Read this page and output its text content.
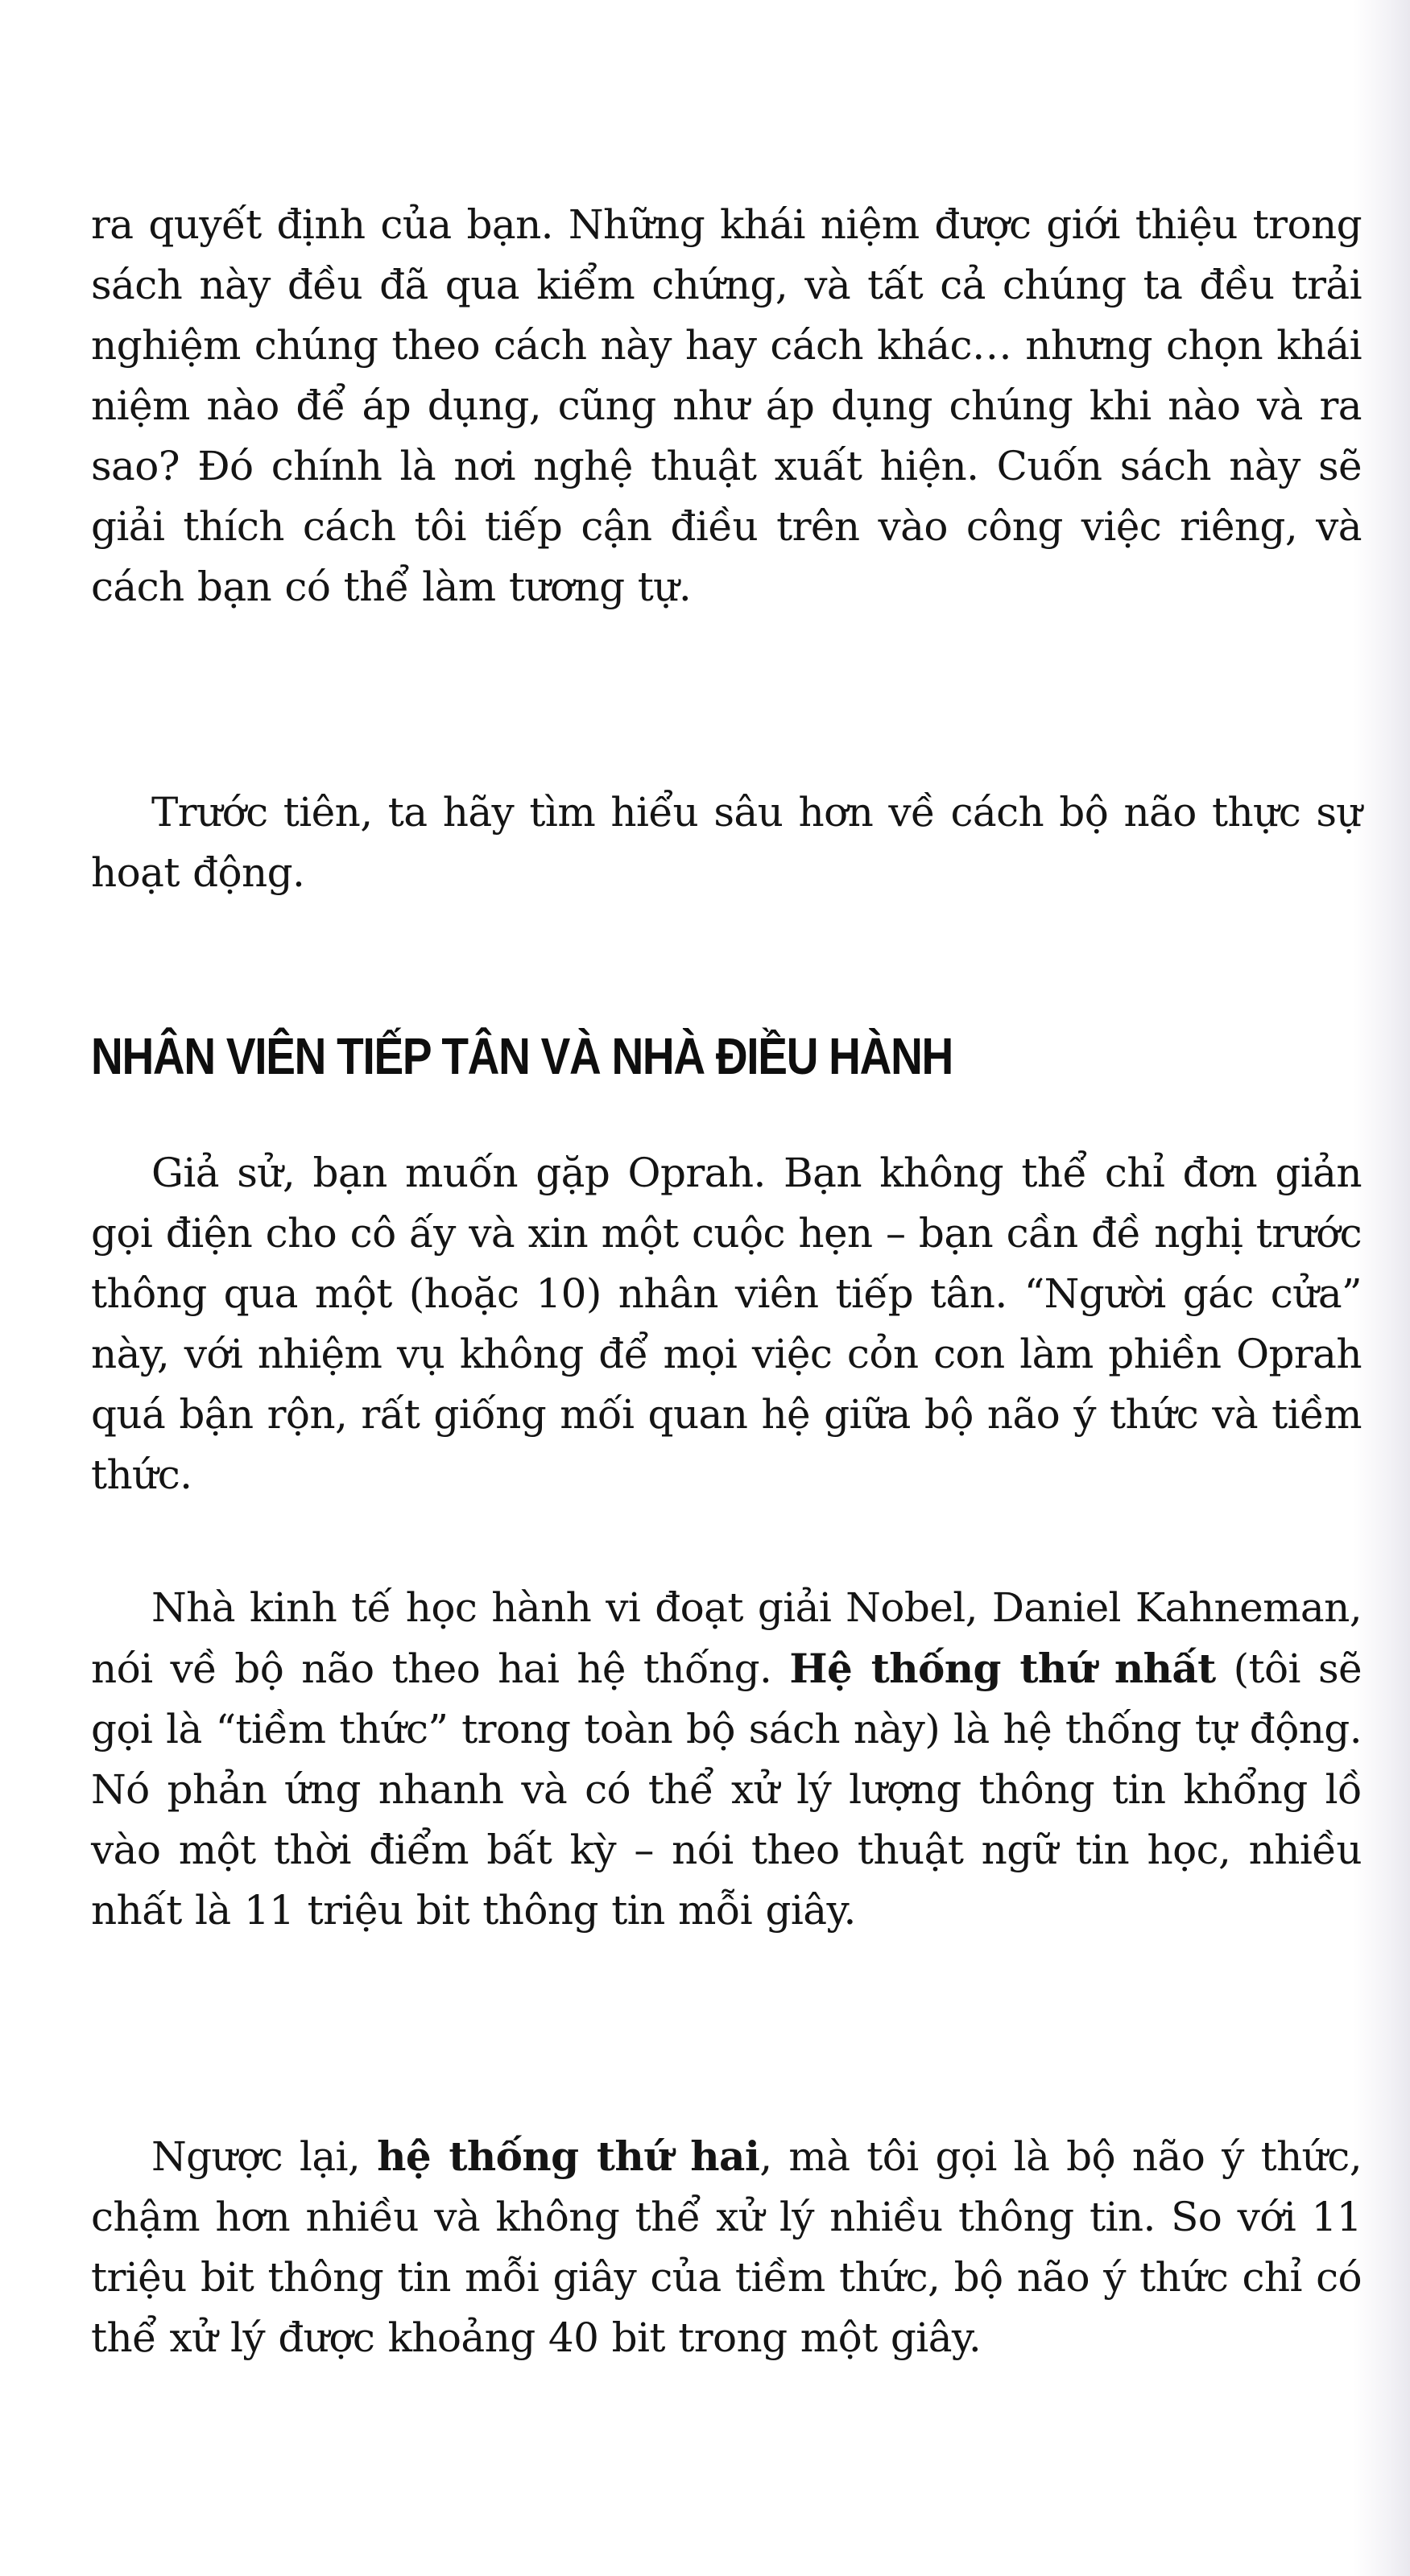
ra quyết định của bạn. Những khái niệm được giới thiệu trong sách này đều đã qua kiểm chứng, và tất cả chúng ta đều trải nghiệm chúng theo cách này hay cách khác… nhưng chọn khái niệm nào để áp dụng, cũng như áp dụng chúng khi nào và ra sao? Đó chính là nơi nghệ thuật xuất hiện. Cuốn sách này sẽ giải thích cách tôi tiếp cận điều trên vào công việc riêng, và cách bạn có thể làm tương tự.

Trước tiên, ta hãy tìm hiểu sâu hơn về cách bộ não thực sự hoạt động.

NHÂN VIÊN TIẾP TÂN VÀ NHÀ ĐIỀU HÀNH

Giả sử, bạn muốn gặp Oprah. Bạn không thể chỉ đơn giản gọi điện cho cô ấy và xin một cuộc hẹn – bạn cần đề nghị trước thông qua một (hoặc 10) nhân viên tiếp tân. “Người gác cửa” này, với nhiệm vụ không để mọi việc cỏn con làm phiền Oprah quá bận rộn, rất giống mối quan hệ giữa bộ não ý thức và tiềm thức.

Nhà kinh tế học hành vi đoạt giải Nobel, Daniel Kahneman, nói về bộ não theo hai hệ thống. Hệ thống thứ nhất (tôi sẽ gọi là “tiềm thức” trong toàn bộ sách này) là hệ thống tự động. Nó phản ứng nhanh và có thể xử lý lượng thông tin khổng lồ vào một thời điểm bất kỳ – nói theo thuật ngữ tin học, nhiều nhất là 11 triệu bit thông tin mỗi giây.

Ngược lại, hệ thống thứ hai, mà tôi gọi là bộ não ý thức, chậm hơn nhiều và không thể xử lý nhiều thông tin. So với 11 triệu bit thông tin mỗi giây của tiềm thức, bộ não ý thức chỉ có thể xử lý được khoảng 40 bit trong một giây.
